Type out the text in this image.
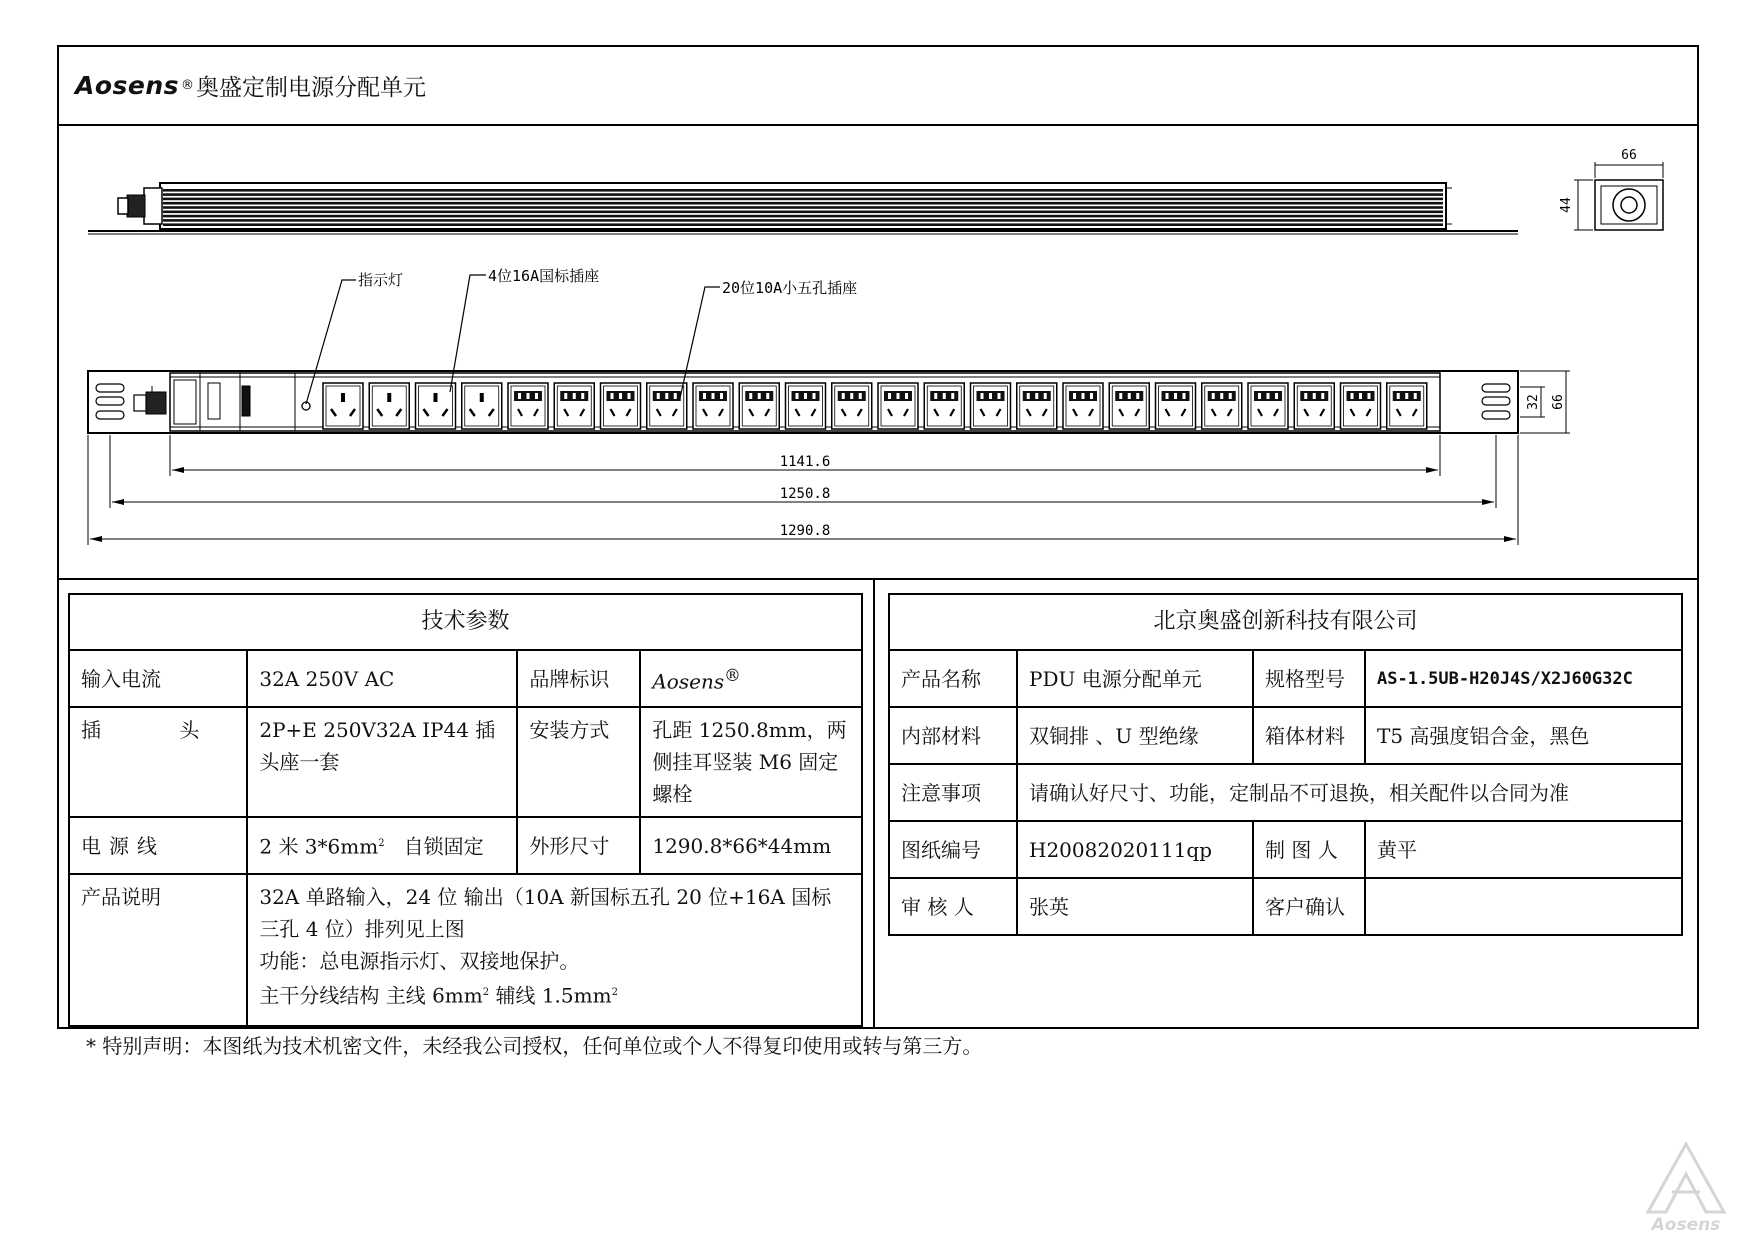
Aosens ® 奥盛定制电源分配单元
66
44
指示灯	4位16A国标插座
20位10A小五孔插座
1141.6
1250.8
1290.8
32 66
技术参数			
输入电流	32A 250V AC	品牌标识	Aosens®
插 头	2P+E 250V32A IP44 插头座一套	安装方式	孔距 1250.8mm，两侧挂耳竖装 M6 固定螺栓
电源线	2 米 $3*6mm^2$ 自锁固定	外形尺寸	1290.8*66*44mm
产品说明	32A 单路输入，24 位 输出（10A 新国标五孔 20 位+16A 国标三孔 4 位）排列见上图
功能：总电源指示灯、双接地保护。
主干分线结构 主线 $6mm^2$ 辅线 $1.5mm^2$
北京奥盛创新科技有限公司			
产品名称	PDU 电源分配单元	规格型号	AS-1.5UB-H20J4S/X2J60G32C
内部材料	双铜排 、U 型绝缘	箱体材料	T5 高强度铝合金，黑色
注意事项	请确认好尺寸、功能，定制品不可退换，相关配件以合同为准		
图纸编号	H20082020111qp	制 图 人	黄平
审 核 人	张英	客户确认	
* 特别声明：本图纸为技术机密文件，未经我公司授权，任何单位或个人不得复印使用或转与第三方。
Aosens
